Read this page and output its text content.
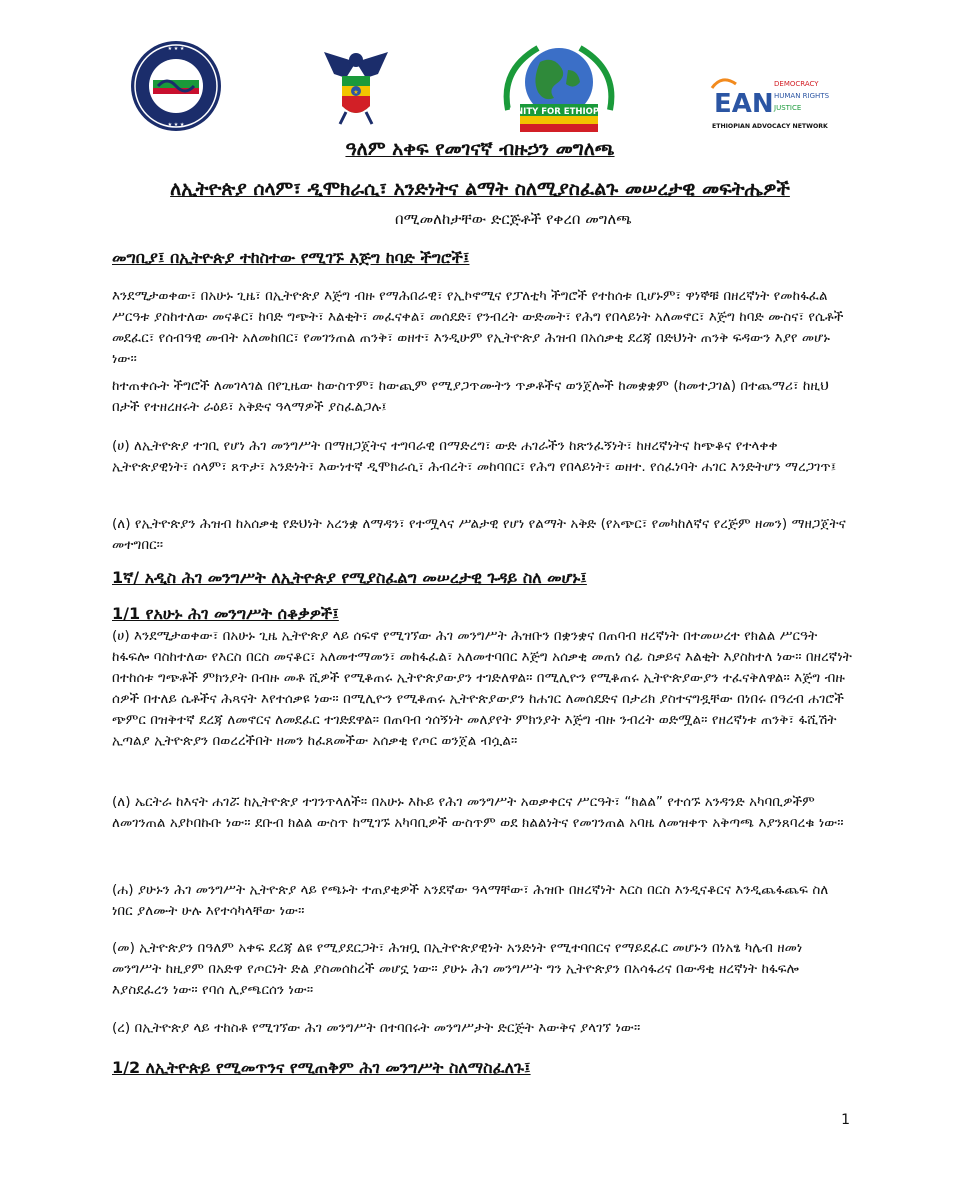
★ ★ ★
★ ★ ★
★
UNITY FOR ETHIOPIA	EAN
DEMOCRACY
HUMAN RIGHTS
JUSTICE
ETHIOPIAN ADVOCACY NETWORK
ዓለም አቀፍ የመገናኛ ብዙኃን መግለጫ
ለኢትዮጵያ ሰላም፣ ዲሞክራሲ፣ አንድነትና ልማት ስለሚያስፈልጉ መሠረታዊ መፍትሔዎች
በሚመለከታቸው ድርጅቶች የቀረበ መግለጫ
መግቢያ፤ በኢትዮጵያ ተከስተው የሚገኙ እጅግ ከባድ ችግሮች፤

እንደሚታወቀው፣ በአሁኑ ጊዜ፣ በኢትዮጵያ እጅግ ብዙ የማሕበራዊ፣ የኢኮኖሚና የፓለቲካ ችግሮች የተከሰቱ ቢሆኑም፣ ዋነኞቹ በዘረኛነት የመከፋፈል ሥርዓቱ ያስከተለው መናቆር፣ ከባድ ግጭት፣ እልቂት፣ መፈናቀል፣ መሰደድ፣ የንብረት ውድመት፣ የሕግ የበላይነት አለመኖር፣ እጅግ ከባድ ሙስና፣ የሴቶች መደፈር፣ የሰብዓዊ መብት አለመከበር፣ የመገንጠል ጠንቅ፣ ወዘተ፣ እንዲሁም የኢትዮጵያ ሕዝብ በአሰቃቂ ደረጃ በድህነት ጠንቅ ፍዳውን እያየ መሆኑ ነው፡፡

ከተጠቀሱት ችግሮች ለመገላገል በየጊዜው ከውስጥም፣ ከውጪም የሚያጋጥሙትን ጥቃቶችና ወንጀሎች ከመቋቋም (ከመተጋገል) በተጨማሪ፣ ከዚህ በታች የተዘረዘሩት ራዕይ፣ አቅድና ዓላማዎች ያስፈልጋሉ፤

(ሀ) ለኢትዮጵያ ተገቢ የሆነ ሕገ መንግሥት በማዘጋጀትና ተግባራዊ በማድረግ፣ ውድ ሐገራችን ከጽንፈኝነት፣ ከዘረኛነትና ከጭቆና የተላቀቀ ኢትዮጵያዊነት፣ ሰላም፣ ጸጥታ፣ አንድነት፣ እውነተኛ ዲሞክራሲ፣ ሕብረት፣ መከባበር፣ የሕግ የበላይነት፣ ወዘተ. የሰፈነባት ሐገር እንድትሆን ማረጋገጥ፤

(ለ) የኢትዮጵያን ሕዝብ ከአሰቃቂ የድህነት አረንቋ ለማዳን፣ የተሟላና ሥልታዊ የሆነ የልማት አቅድ (የአጭር፣ የመካከለኛና የረጅም ዘመን) ማዘጋጀትና መተግበር፡፡

1ኛ/ አዲስ ሕገ መንግሥት ለኢትዮጵያ የሚያስፈልግ መሠረታዊ ጉዳይ ስለ መሆኑ፤
1/1 የአሁኑ ሕገ መንግሥት ሰቆቃዎች፤

(ሀ) እንደሚታወቀው፣ በአሁኑ ጊዜ ኢትዮጵያ ላይ ሰፍኖ የሚገኘው ሕገ መንግሥት ሕዝቡን በቋንቋና በጠባብ ዘረኛነት በተመሠረተ የክልል ሥርዓት ከፋፍሎ ባስከተለው የእርስ በርስ መናቆር፣ አለመተማመን፣ መከፋፈል፣ አለመተባበር እጅግ አሰቃቂ መጠነ ሰፊ ስቃይና እልቂት እያስከተለ ነው። በዘረኛነት በተከሰቱ ግጭቶች ምክንያት በብዙ መቶ ሺዎች የሚቆጠሩ ኢትዮጵያውያን ተገድለዋል። በሚሊዮን የሚቆጠሩ ኢትዮጵያውያን ተፈናቅለዋል። እጅግ ብዙ ሰዎች በተለይ ሴቶችና ሕጻናት እየተሰቃዩ ነው። በሚሊዮን የሚቆጠሩ ኢትዮጵያውያን ከሐገር ለመሰደድና በታሪክ ያስተናግዷቸው በነበሩ በዓረብ ሐገሮች ጭምር በዝቅተኛ ደረጃ ለመኖርና ለመደፈር ተገድደዋል። በጠባብ ጎሰኝነት መለያየት ምክንያት እጅግ ብዙ ንብረት ወድሟል። የዘረኛነቱ ጠንቅ፣ ፋሺሽት ኢጣልያ ኢትዮጵያን በወረረችበት ዘመን ከፈጸመችው አሰቃቂ የጦር ወንጀል ብሷል።

(ለ) ኤርትራ ከእናት ሐገሯ ከኢትዮጵያ ተገንጥላለች። በአሁኑ እኩይ የሕገ መንግሥት አወቃቀርና ሥርዓት፣ “ክልል” የተሰኙ አንዳንድ አካባቢዎችም ለመገንጠል አያኮበኩቡ ነው። ደቡብ ክልል ውስጥ ከሚገኙ አካባቢዎች ውስጥም ወደ ክልልነትና የመገንጠል አባዜ ለመዝቀጥ አቅጣጫ እያንጸባረቁ ነው።

(ሐ) ያሁኑን ሕገ መንግሥት ኢትዮጵያ ላይ የጫኑት ተጠያቂዎች አንደኛው ዓላማቸው፣ ሕዝቡ በዘረኛነት እርስ በርስ እንዲናቆርና እንዲጨፋጨፍ ስለ ነበር ያለሙት ሁሉ እየተሳካላቸው ነው።

(መ) ኢትዮጵያን በዓለም አቀፍ ደረጃ ልዩ የሚያደርጋት፣ ሕዝቧ በኢትዮጵያዊነት አንድነት የሚተባበርና የማይደፈር መሆኑን በነአፄ ካሌብ ዘመነ መንግሥት ከዚያም በአድዋ የጦርነት ድል ያስመሰከረች መሆኗ ነው። ያሁኑ ሕገ መንግሥት ግን ኢትዮጵያን በአሳፋሪና በውዳቂ ዘረኛነት ከፋፍሎ እያስደፈረን ነው። የባሰ ሊያጫርሰን ነው።

(ረ) በኢትዮጵያ ላይ ተከስቶ የሚገኘው ሕገ መንግሥት በተባበሩት መንግሥታት ድርጅት እውቅና ያላገኘ ነው።

1/2 ለኢትዮጵይ የሚመጥንና የሚጠቅም ሕገ መንግሥት ስለማስፈለጉ፤
1
